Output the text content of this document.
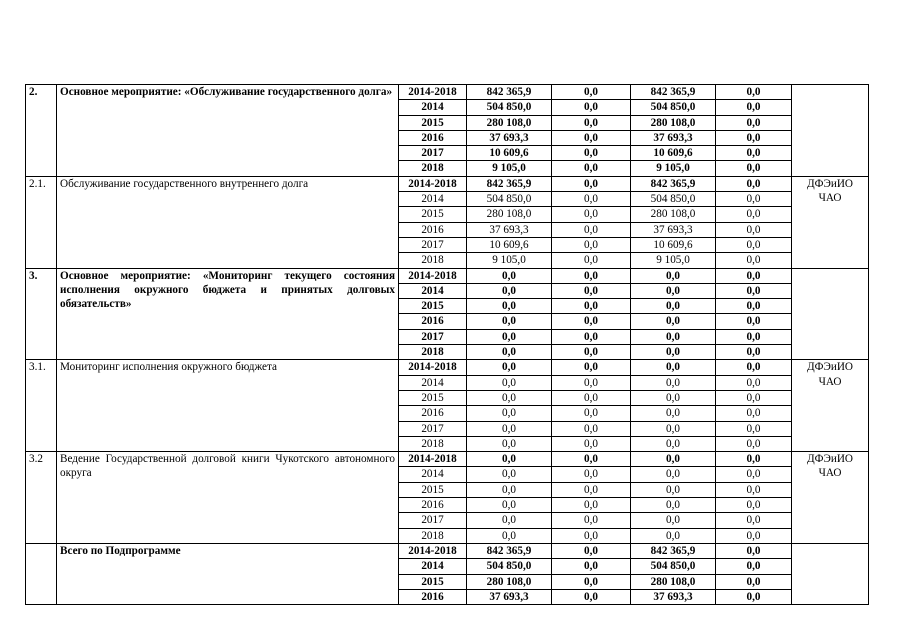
2.	Основное мероприятие: «Обслуживание государственного долга»	2014-2018	842 365,9	0,0	842 365,9	0,0	
		2014	504 850,0	0,0	504 850,0	0,0	
		2015	280 108,0	0,0	280 108,0	0,0	
		2016	37 693,3	0,0	37 693,3	0,0	
		2017	10 609,6	0,0	10 609,6	0,0	
		2018	9 105,0	0,0	9 105,0	0,0	
2.1.	Обслуживание государственного внутреннего долга	2014-2018	842 365,9	0,0	842 365,9	0,0	ДФЭиИО ЧАО
		2014	504 850,0	0,0	504 850,0	0,0	
		2015	280 108,0	0,0	280 108,0	0,0	
		2016	37 693,3	0,0	37 693,3	0,0	
		2017	10 609,6	0,0	10 609,6	0,0	
		2018	9 105,0	0,0	9 105,0	0,0	
3.	Основное мероприятие: «Мониторинг текущего состояния исполнения окружного бюджета и принятых долговых обязательств»	2014-2018	0,0	0,0	0,0	0,0	
		2014	0,0	0,0	0,0	0,0	
		2015	0,0	0,0	0,0	0,0	
		2016	0,0	0,0	0,0	0,0	
		2017	0,0	0,0	0,0	0,0	
		2018	0,0	0,0	0,0	0,0	
3.1.	Мониторинг исполнения окружного бюджета	2014-2018	0,0	0,0	0,0	0,0	ДФЭиИО ЧАО
		2014	0,0	0,0	0,0	0,0	
		2015	0,0	0,0	0,0	0,0	
		2016	0,0	0,0	0,0	0,0	
		2017	0,0	0,0	0,0	0,0	
		2018	0,0	0,0	0,0	0,0	
3.2	Ведение Государственной долговой книги Чукотского автономного округа	2014-2018	0,0	0,0	0,0	0,0	ДФЭиИО ЧАО
		2014	0,0	0,0	0,0	0,0	
		2015	0,0	0,0	0,0	0,0	
		2016	0,0	0,0	0,0	0,0	
		2017	0,0	0,0	0,0	0,0	
		2018	0,0	0,0	0,0	0,0	
	Всего по Подпрограмме	2014-2018	842 365,9	0,0	842 365,9	0,0	
		2014	504 850,0	0,0	504 850,0	0,0	
		2015	280 108,0	0,0	280 108,0	0,0	
		2016	37 693,3	0,0	37 693,3	0,0	
